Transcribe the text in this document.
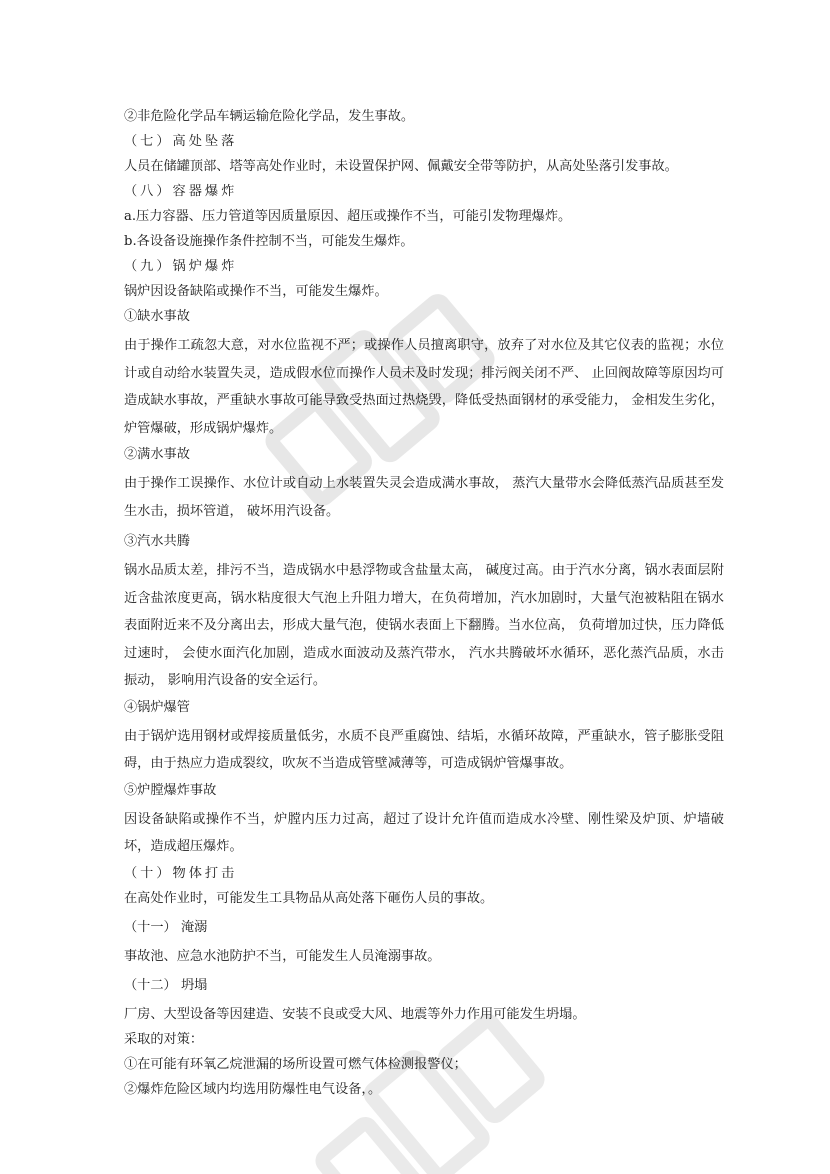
②非危险化学品车辆运输危险化学品，发生事故。
（七）高处坠落
人员在储罐顶部、塔等高处作业时，未设置保护网、佩戴安全带等防护，从高处坠落引发事故。
（八）容器爆炸
a.压力容器、压力管道等因质量原因、超压或操作不当，可能引发物理爆炸。
b.各设备设施操作条件控制不当，可能发生爆炸。
（九）锅炉爆炸
锅炉因设备缺陷或操作不当，可能发生爆炸。
①缺水事故
由于操作工疏忽大意，对水位监视不严；或操作人员擅离职守，放弃了对水位及其它仪表的监视；水位计或自动给水装置失灵，造成假水位而操作人员未及时发现；排污阀关闭不严、 止回阀故障等原因均可造成缺水事故，严重缺水事故可能导致受热面过热烧毁，降低受热面钢材的承受能力， 金相发生劣化，炉管爆破，形成锅炉爆炸。
②满水事故
由于操作工误操作、水位计或自动上水装置失灵会造成满水事故， 蒸汽大量带水会降低蒸汽品质甚至发生水击，损坏管道， 破坏用汽设备。
③汽水共腾
锅水品质太差，排污不当，造成锅水中悬浮物或含盐量太高， 碱度过高。由于汽水分离，锅水表面层附近含盐浓度更高，锅水粘度很大气泡上升阻力增大，在负荷增加，汽水加剧时，大量气泡被粘阻在锅水表面附近来不及分离出去，形成大量气泡，使锅水表面上下翻腾。当水位高， 负荷增加过快，压力降低过速时， 会使水面汽化加剧，造成水面波动及蒸汽带水， 汽水共腾破坏水循环，恶化蒸汽品质，水击振动， 影响用汽设备的安全运行。
④锅炉爆管
由于锅炉选用钢材或焊接质量低劣，水质不良严重腐蚀、结垢，水循环故障，严重缺水，管子膨胀受阻碍，由于热应力造成裂纹，吹灰不当造成管壁减薄等，可造成锅炉管爆事故。
⑤炉膛爆炸事故
因设备缺陷或操作不当，炉膛内压力过高，超过了设计允许值而造成水冷壁、刚性梁及炉顶、炉墙破坏，造成超压爆炸。
（十）物体打击
在高处作业时，可能发生工具物品从高处落下砸伤人员的事故。
（十一） 淹溺
事故池、应急水池防护不当，可能发生人员淹溺事故。
（十二） 坍塌
厂房、大型设备等因建造、安装不良或受大风、地震等外力作用可能发生坍塌。
采取的对策：
①在可能有环氧乙烷泄漏的场所设置可燃气体检测报警仪；
②爆炸危险区域内均选用防爆性电气设备，。
